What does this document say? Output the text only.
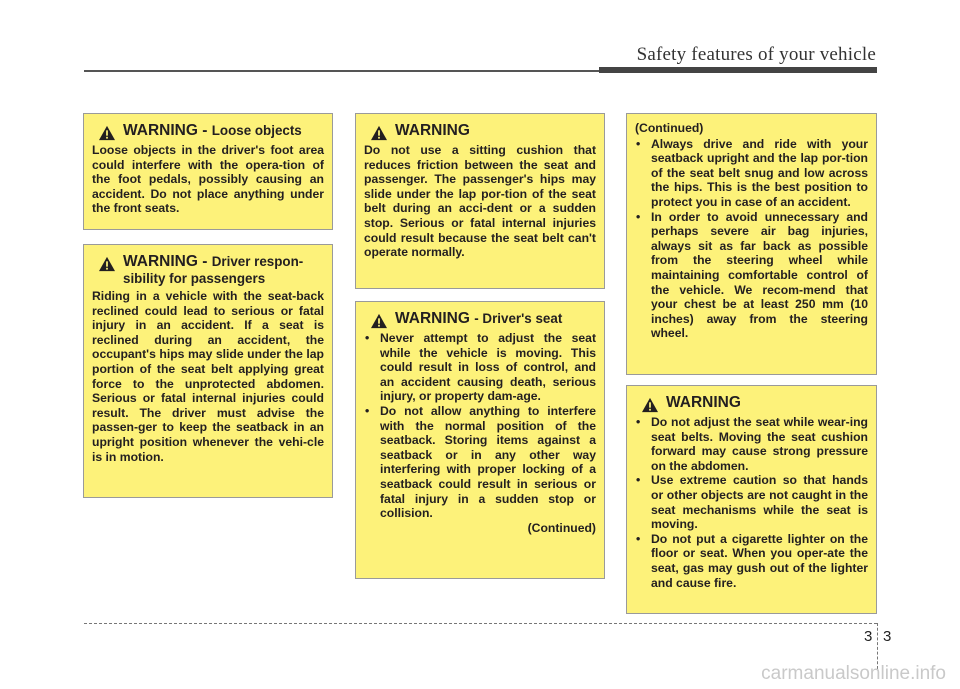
Safety features of your vehicle
WARNING - Loose objects

Loose objects in the driver's foot area could interfere with the opera-tion of the foot pedals, possibly causing an accident. Do not place anything under the front seats.

WARNING - Driver respon-sibility for passengers

Riding in a vehicle with the seat-back reclined could lead to serious or fatal injury in an accident. If a seat is reclined during an accident, the occupant's hips may slide under the lap portion of the seat belt applying great force to the unprotected abdomen. Serious or fatal internal injuries could result. The driver must advise the passen-ger to keep the seatback in an upright position whenever the vehi-cle is in motion.

WARNING

Do not use a sitting cushion that reduces friction between the seat and passenger. The passenger's hips may slide under the lap por-tion of the seat belt during an acci-dent or a sudden stop. Serious or fatal internal injuries could result because the seat belt can't operate normally.

WARNING - Driver's seat
• Never attempt to adjust the seat while the vehicle is moving. This could result in loss of control, and an accident causing death, serious injury, or property dam-age.
• Do not allow anything to interfere with the normal position of the seatback. Storing items against a seatback or in any other way interfering with proper locking of a seatback could result in serious or fatal injury in a sudden stop or collision.
(Continued)
(Continued)
• Always drive and ride with your seatback upright and the lap por-tion of the seat belt snug and low across the hips. This is the best position to protect you in case of an accident.
• In order to avoid unnecessary and perhaps severe air bag injuries, always sit as far back as possible from the steering wheel while maintaining comfortable control of the vehicle. We recom-mend that your chest be at least 250 mm (10 inches) away from the steering wheel.
WARNING
• Do not adjust the seat while wear-ing seat belts. Moving the seat cushion forward may cause strong pressure on the abdomen.
• Use extreme caution so that hands or other objects are not caught in the seat mechanisms while the seat is moving.
• Do not put a cigarette lighter on the floor or seat. When you oper-ate the seat, gas may gush out of the lighter and cause fire.
3 3
carmanualsonline.info
